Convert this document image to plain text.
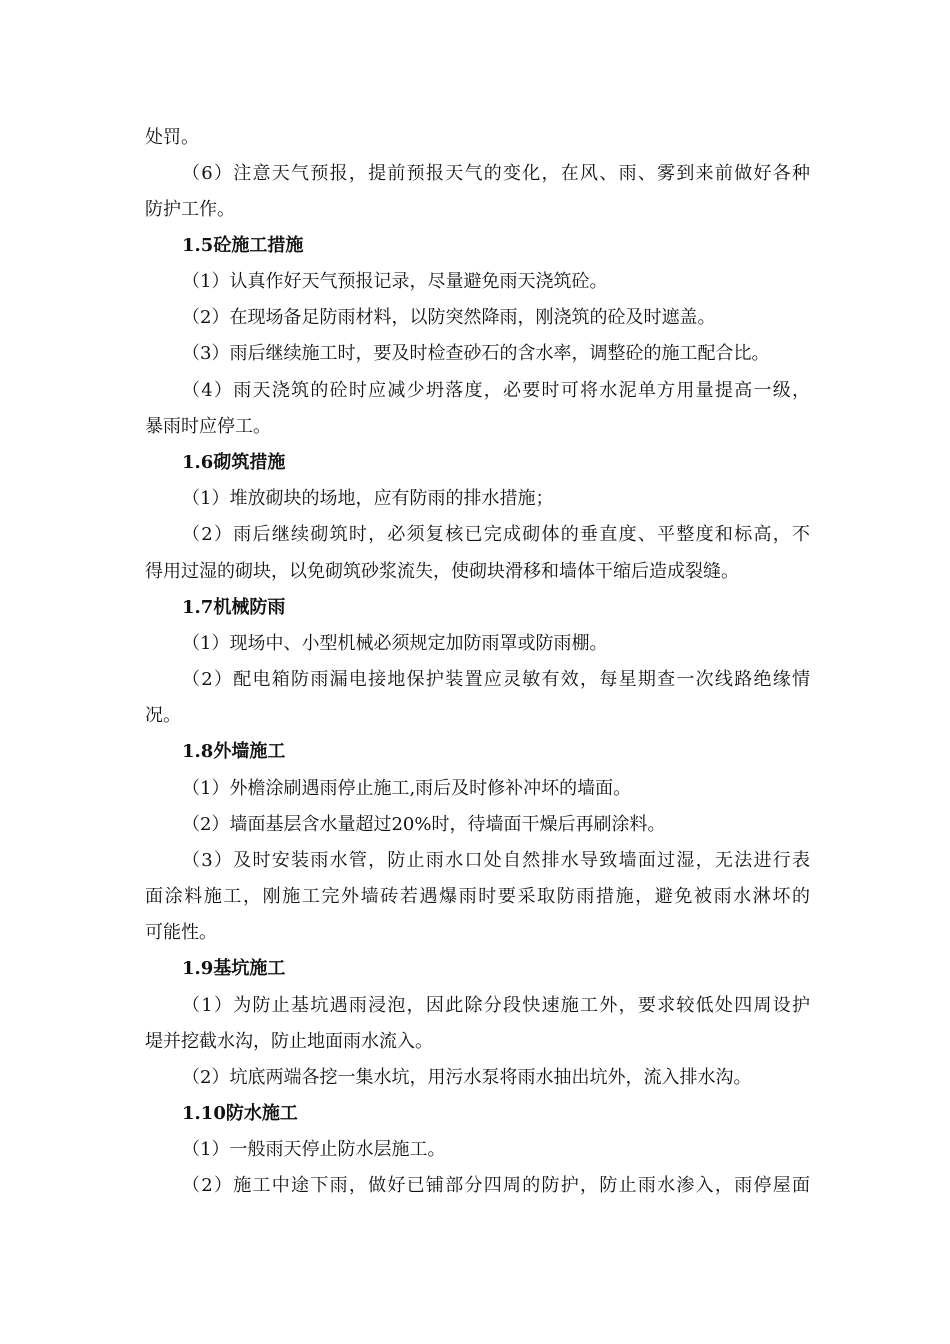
处罚。
（6）注意天气预报，提前预报天气的变化，在风、雨、雾到来前做好各种
防护工作。
1.5砼施工措施
（1）认真作好天气预报记录，尽量避免雨天浇筑砼。
（2）在现场备足防雨材料，以防突然降雨，刚浇筑的砼及时遮盖。
（3）雨后继续施工时，要及时检查砂石的含水率，调整砼的施工配合比。
（4）雨天浇筑的砼时应减少坍落度，必要时可将水泥单方用量提高一级，
暴雨时应停工。
1.6砌筑措施
（1）堆放砌块的场地，应有防雨的排水措施；
（2）雨后继续砌筑时，必须复核已完成砌体的垂直度、平整度和标高，不
得用过湿的砌块，以免砌筑砂浆流失，使砌块滑移和墙体干缩后造成裂缝。
1.7机械防雨
（1）现场中、小型机械必须规定加防雨罩或防雨棚。
（2）配电箱防雨漏电接地保护装置应灵敏有效，每星期查一次线路绝缘情
况。
1.8外墙施工
（1）外檐涂刷遇雨停止施工,雨后及时修补冲坏的墙面。
（2）墙面基层含水量超过20%时，待墙面干燥后再刷涂料。
（3）及时安装雨水管，防止雨水口处自然排水导致墙面过湿，无法进行表
面涂料施工，刚施工完外墙砖若遇爆雨时要采取防雨措施，避免被雨水淋坏的
可能性。
1.9基坑施工
（1）为防止基坑遇雨浸泡，因此除分段快速施工外，要求较低处四周设护
堤并挖截水沟，防止地面雨水流入。
（2）坑底两端各挖一集水坑，用污水泵将雨水抽出坑外，流入排水沟。
1.10防水施工
（1）一般雨天停止防水层施工。
（2）施工中途下雨，做好已铺部分四周的防护，防止雨水渗入，雨停屋面
